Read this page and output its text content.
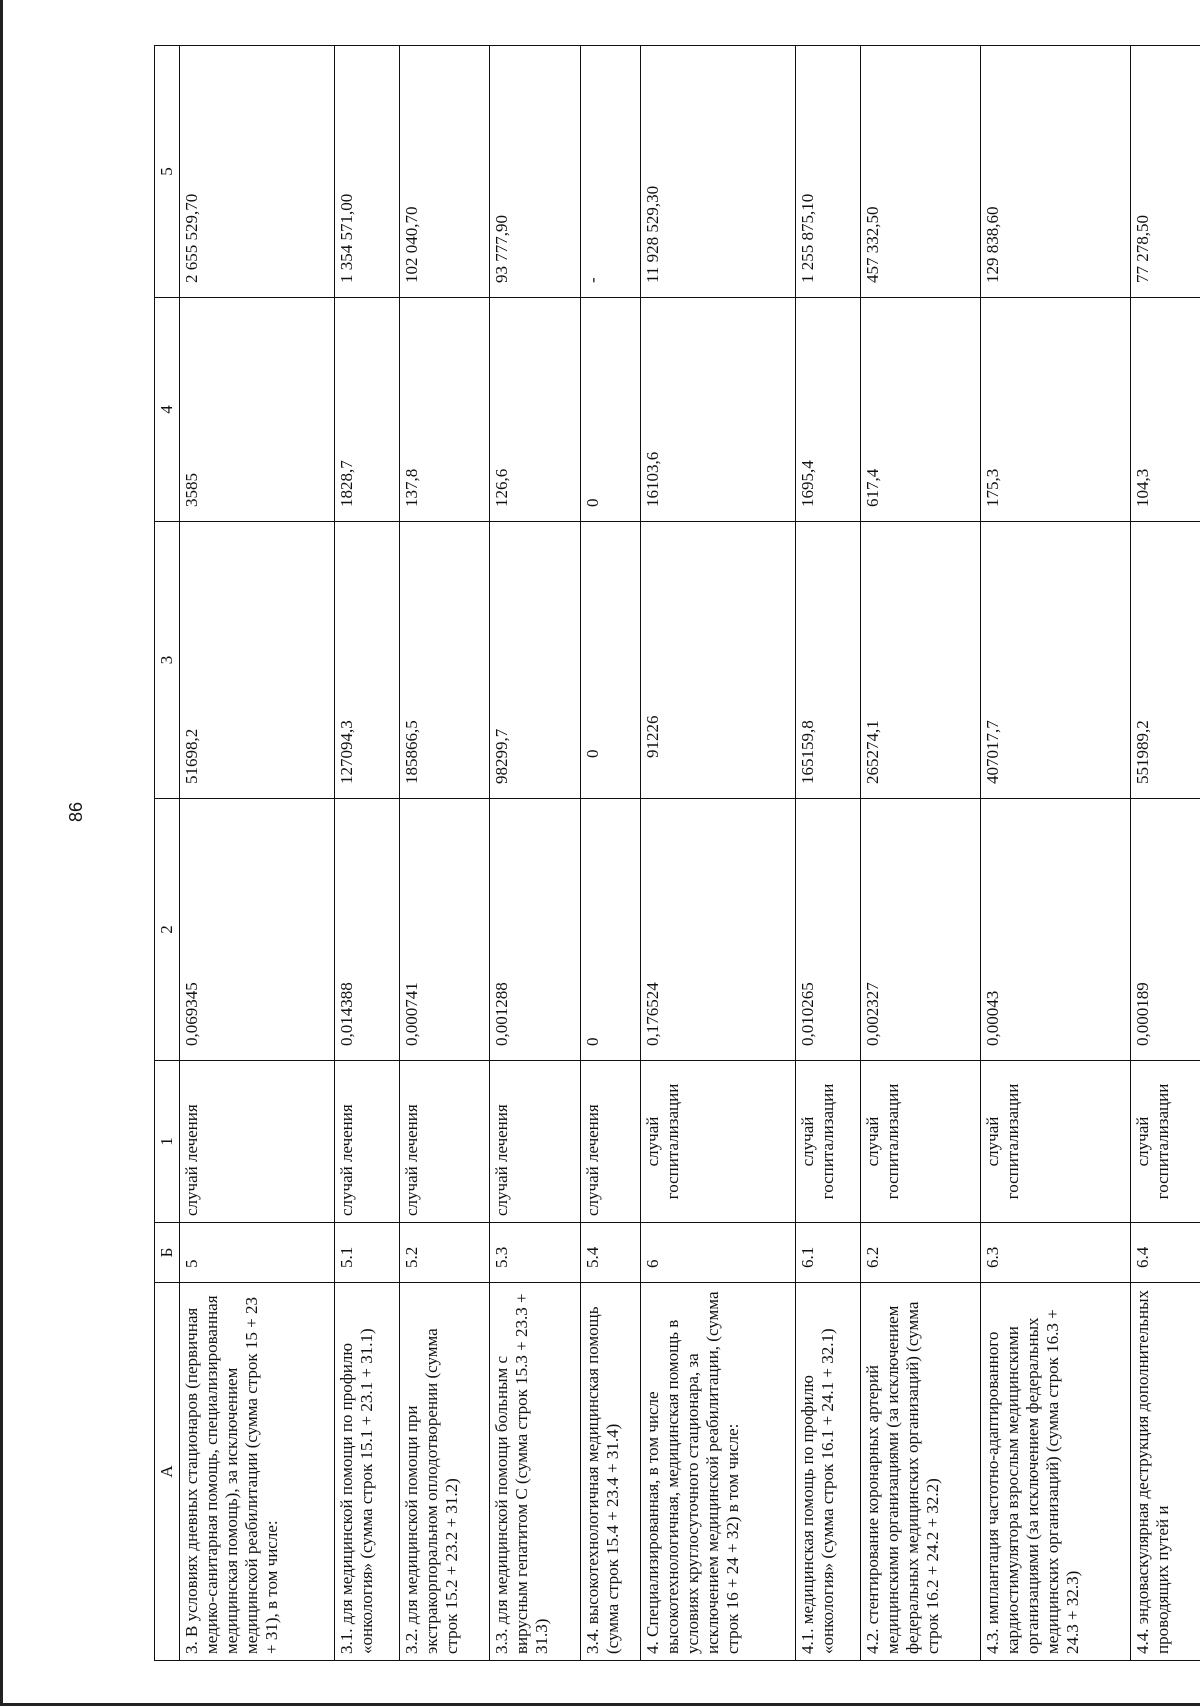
86
А	Б	1	2	3	4	5
3. В условиях дневных стационаров (первичная медико-санитарная помощь, специализированная медицинская помощь), за исключением медицинской реабилитации (сумма строк 15 + 23 + 31), в том числе:	5	случай лечения	0,069345	51698,2	3585	2 655 529,70
3.1. для медицинской помощи по профилю «онкология» (сумма строк 15.1 + 23.1 + 31.1)	5.1	случай лечения	0,014388	127094,3	1828,7	1 354 571,00
3.2. для медицинской помощи при экстракорпоральном оплодотворении (сумма строк 15.2 + 23.2 + 31.2)	5.2	случай лечения	0,000741	185866,5	137,8	102 040,70
3.3. для медицинской помощи больным с вирусным гепатитом С (сумма строк 15.3 + 23.3 + 31.3)	5.3	случай лечения	0,001288	98299,7	126,6	93 777,90
3.4. высокотехнологичная медицинская помощь (сумма строк 15.4 + 23.4 + 31.4)	5.4	случай лечения	0	0	0	-
4. Специализированная, в том числе высокотехнологичная, медицинская помощь в условиях круглосуточного стационара, за исключением медицинской реабилитации, (сумма строк 16 + 24 + 32) в том числе:	6	случай госпитализации	0,176524	91226	16103,6	11 928 529,30
4.1. медицинская помощь по профилю «онкология» (сумма строк 16.1 + 24.1 + 32.1)	6.1	случай госпитализации	0,010265	165159,8	1695,4	1 255 875,10
4.2. стентирование коронарных артерий медицинскими организациями (за исключением федеральных медицинских организаций) (сумма строк 16.2 + 24.2 + 32.2)	6.2	случай госпитализации	0,002327	265274,1	617,4	457 332,50
4.3. имплантация частотно-адаптированного кардиостимулятора взрослым медицинскими организациями (за исключением федеральных медицинских организаций) (сумма строк 16.3 + 24.3 + 32.3)	6.3	случай госпитализации	0,00043	407017,7	175,3	129 838,60
4.4. эндоваскулярная деструкция дополнительных проводящих путей и	6.4	случай госпитализации	0,000189	551989,2	104,3	77 278,50
